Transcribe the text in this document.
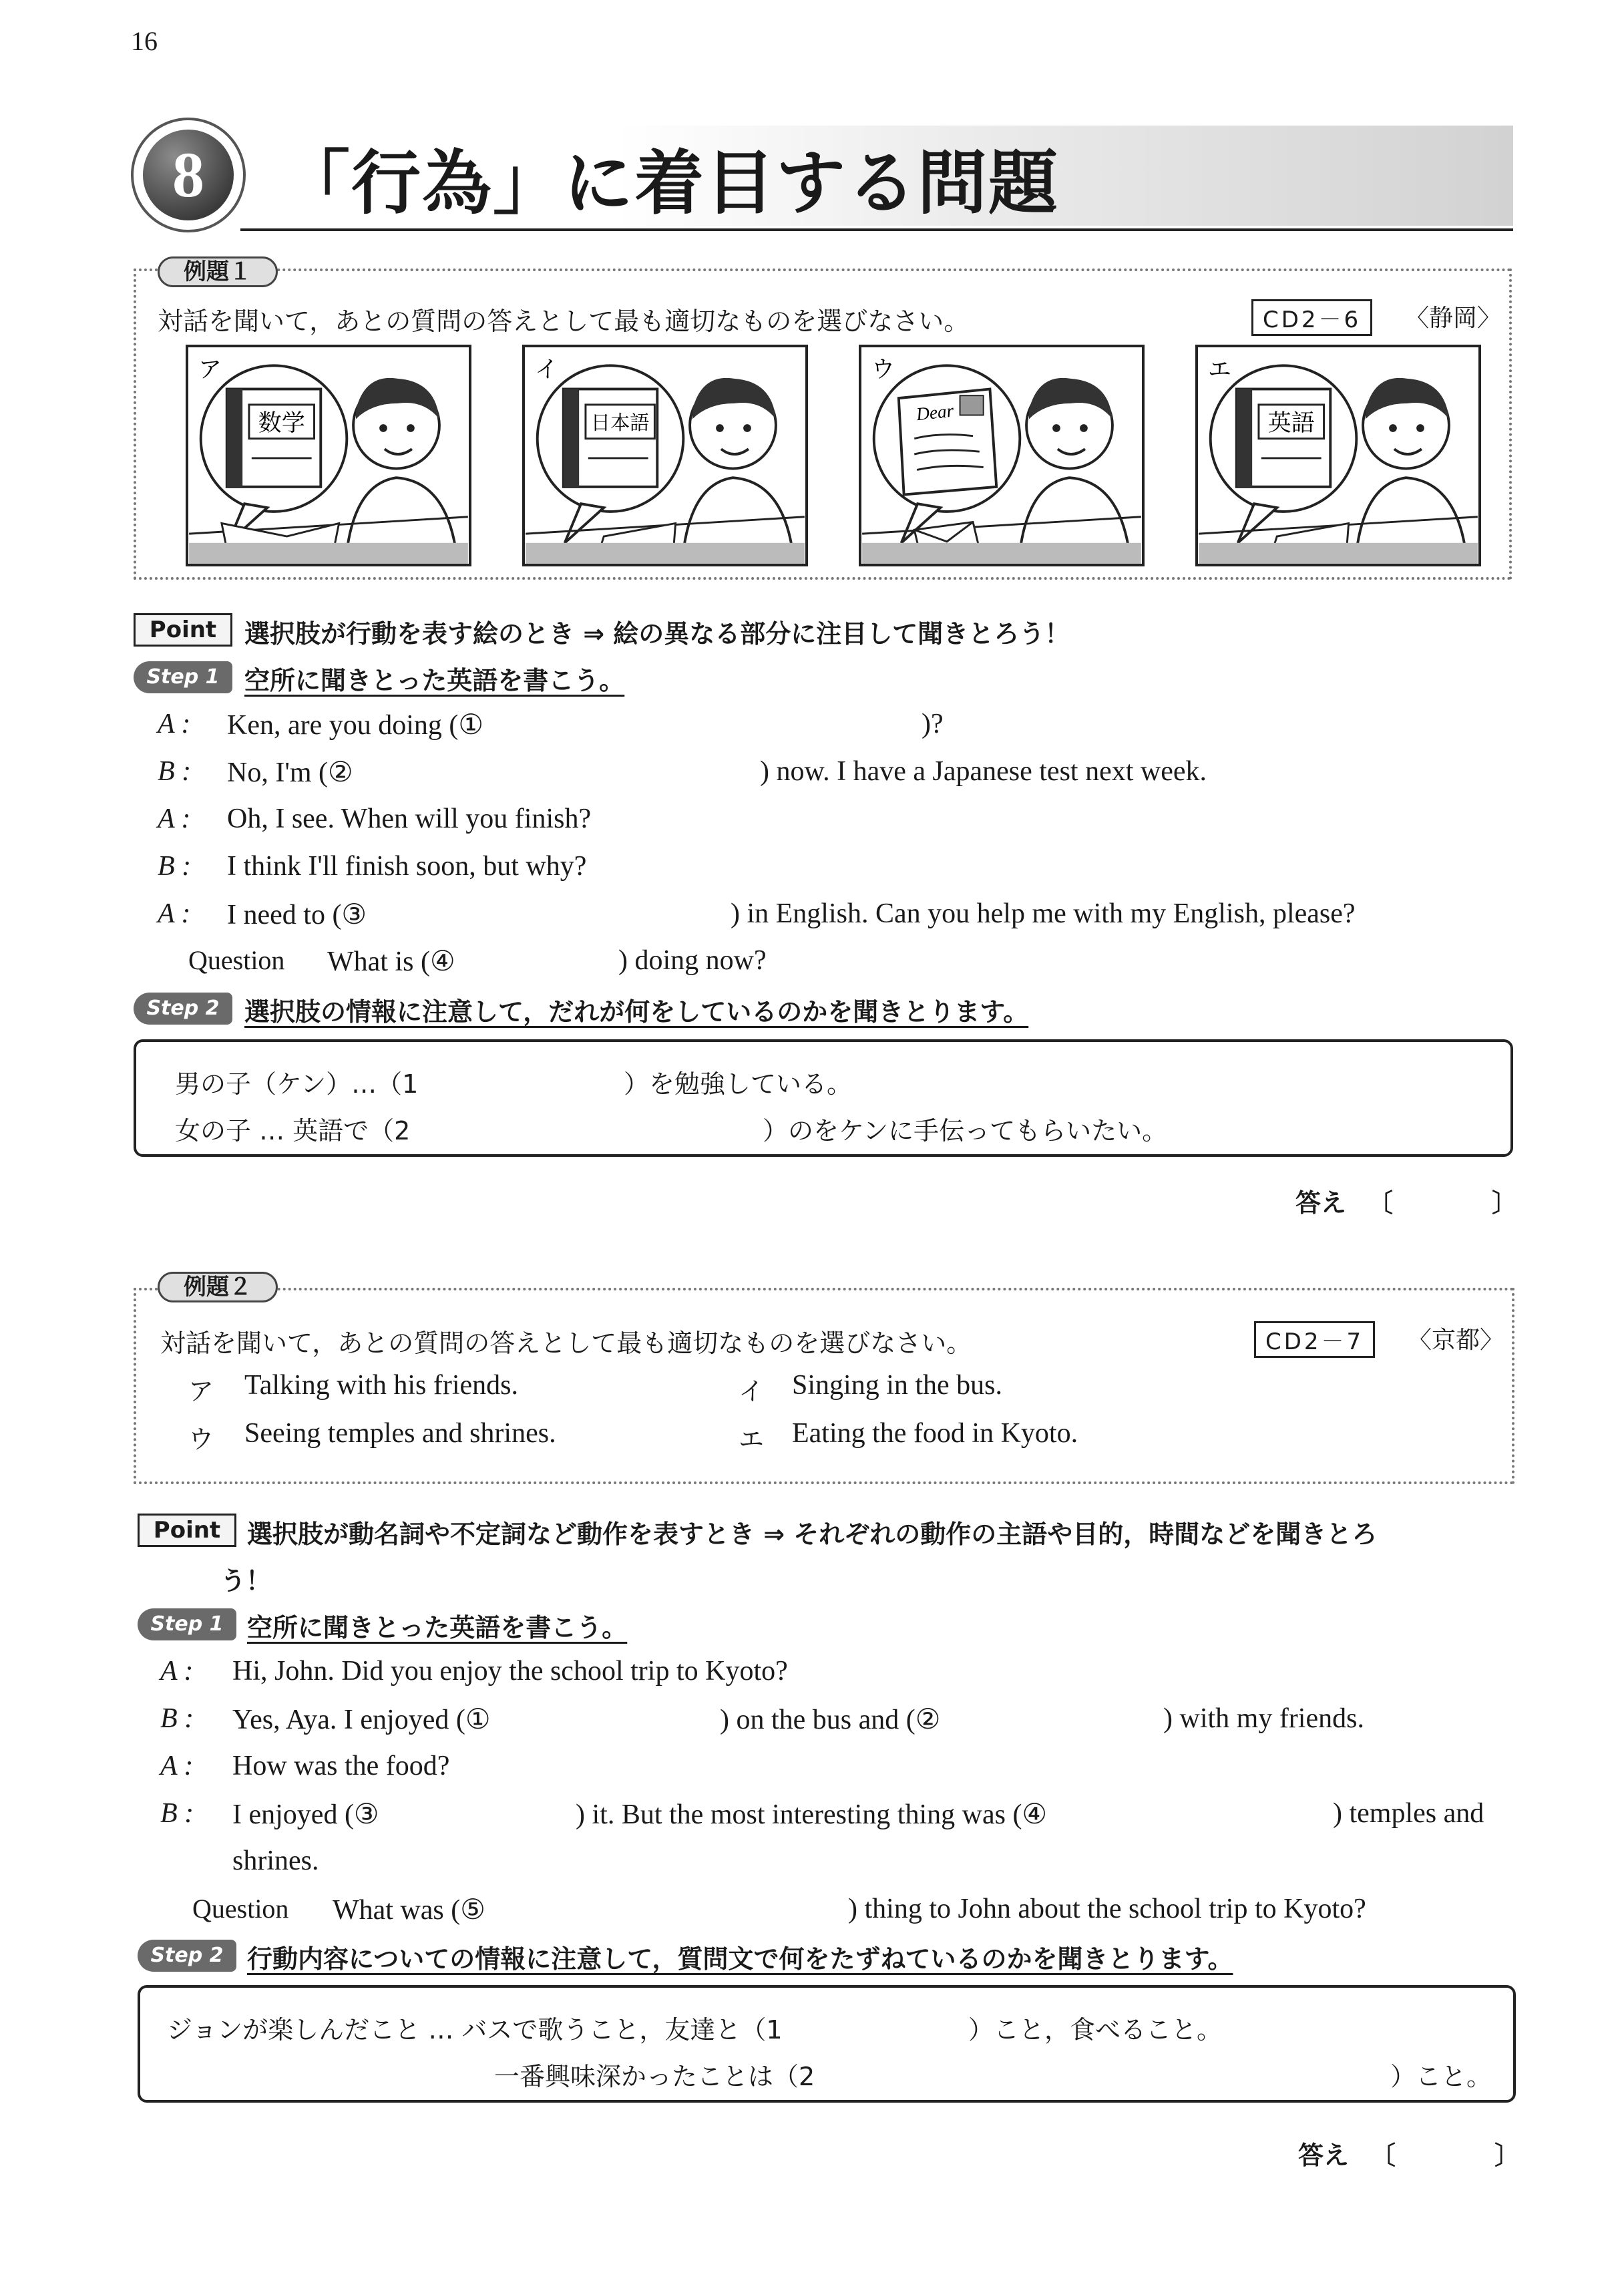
16
8	「行為」に着目する問題
例題１
対話を聞いて，あとの質問の答えとして最も適切なものを選びなさい。	CD2－6	〈静岡〉
ア
数学
イ
日本語
ウ
Dear
エ
英語
Point	選択肢が行動を表す絵のとき ⇒ 絵の異なる部分に注目して聞きとろう！
Step 1 空所に聞きとった英語を書こう。
A : Ken, are you doing (①	)?
B : No, I'm (②	) now. I have a Japanese test next week.
A : Oh, I see. When will you finish?
B : I think I'll finish soon, but why?
A : I need to (③	) in English. Can you help me with my English, please?
Question What is (④	) doing now?
Step 2 選択肢の情報に注意して，だれが何をしているのかを聞きとります。
男の子（ケン）…（1	）を勉強している。
女の子 … 英語で（2	）のをケンに手伝ってもらいたい。
答え 〔	〕
例題２
対話を聞いて，あとの質問の答えとして最も適切なものを選びなさい。	CD2－7	〈京都〉
ア Talking with his friends.	イ Singing in the bus.
ウ Seeing temples and shrines.	エ Eating the food in Kyoto.
Point	選択肢が動名詞や不定詞など動作を表すとき ⇒ それぞれの動作の主語や目的，時間などを聞きとろ
う！
Step 1 空所に聞きとった英語を書こう。
A : Hi, John. Did you enjoy the school trip to Kyoto?
B : Yes, Aya. I enjoyed (①	) on the bus and (②	) with my friends.
A : How was the food?
B : I enjoyed (③	) it. But the most interesting thing was (④	) temples and
shrines.
Question What was (⑤	) thing to John about the school trip to Kyoto?
Step 2 行動内容についての情報に注意して，質問文で何をたずねているのかを聞きとります。
ジョンが楽しんだこと … バスで歌うこと，友達と（1	）こと，食べること。
一番興味深かったことは（2	）こと。
答え 〔	〕
